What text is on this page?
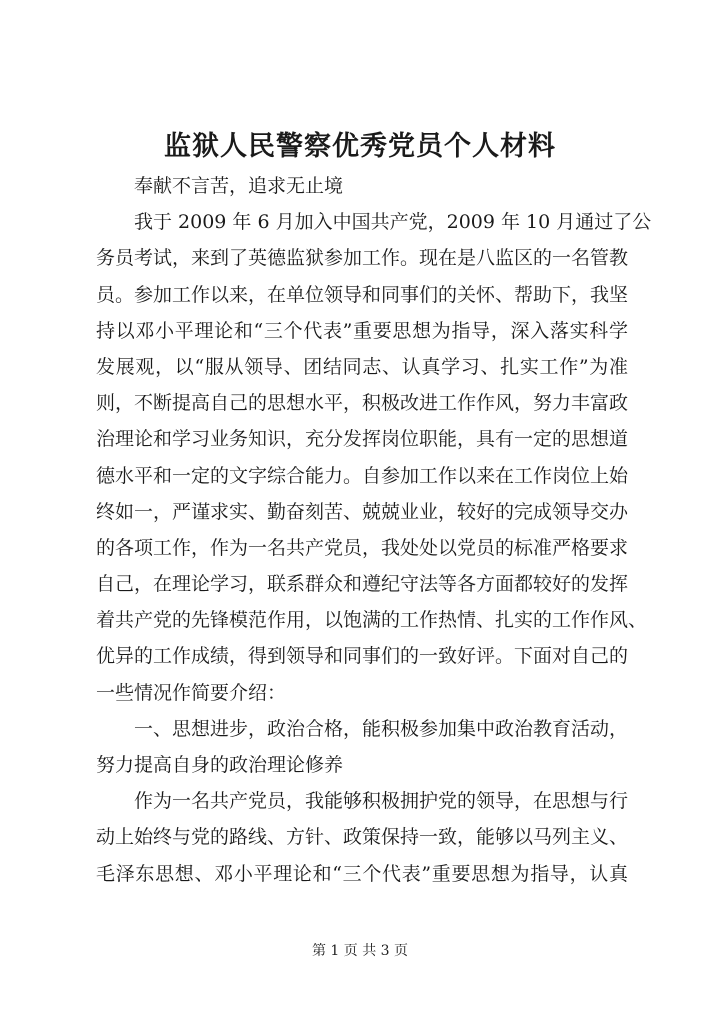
监狱人民警察优秀党员个人材料
奉献不言苦，追求无止境
我于 2009 年 6 月加入中国共产党，2009 年 10 月通过了公
务员考试，来到了英德监狱参加工作。现在是八监区的一名管教
员。参加工作以来，在单位领导和同事们的关怀、帮助下，我坚
持以邓小平理论和“三个代表”重要思想为指导，深入落实科学
发展观，以“服从领导、团结同志、认真学习、扎实工作”为准
则，不断提高自己的思想水平，积极改进工作作风，努力丰富政
治理论和学习业务知识，充分发挥岗位职能，具有一定的思想道
德水平和一定的文字综合能力。自参加工作以来在工作岗位上始
终如一，严谨求实、勤奋刻苦、兢兢业业，较好的完成领导交办
的各项工作，作为一名共产党员，我处处以党员的标准严格要求
自己，在理论学习，联系群众和遵纪守法等各方面都较好的发挥
着共产党的先锋模范作用，以饱满的工作热情、扎实的工作作风、
优异的工作成绩，得到领导和同事们的一致好评。下面对自己的
一些情况作简要介绍：
一、思想进步，政治合格，能积极参加集中政治教育活动，
努力提高自身的政治理论修养
作为一名共产党员，我能够积极拥护党的领导，在思想与行
动上始终与党的路线、方针、政策保持一致，能够以马列主义、
毛泽东思想、邓小平理论和“三个代表”重要思想为指导，认真
第 1 页 共 3 页
